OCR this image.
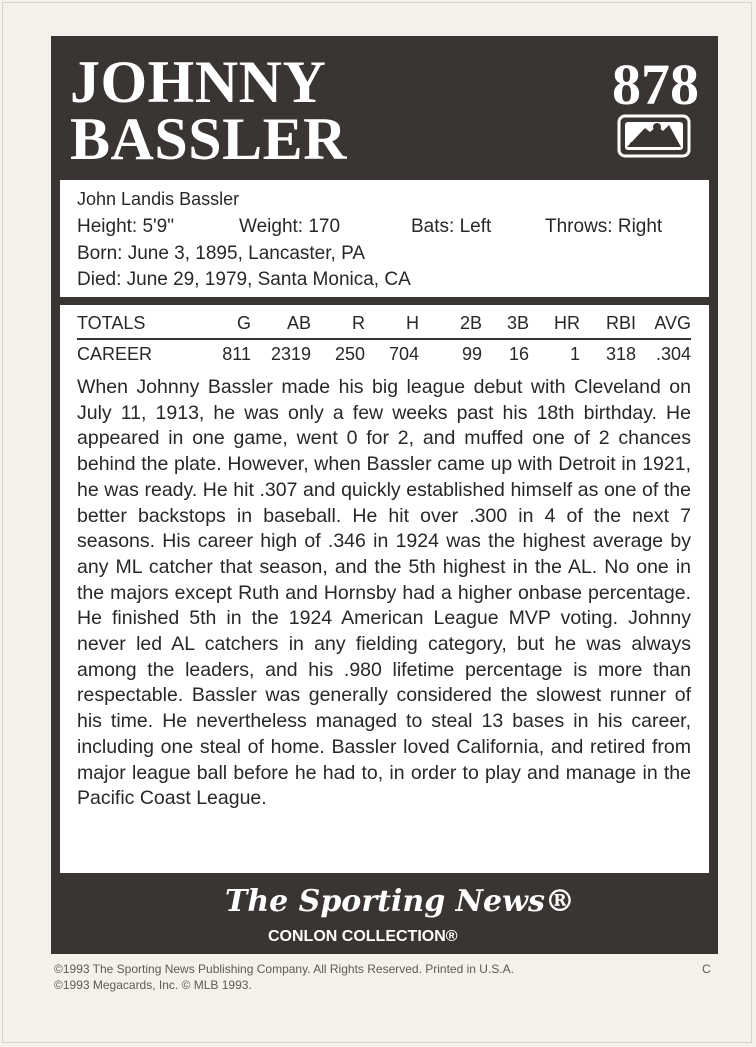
JOHNNY
BASSLER
878
John Landis Bassler
Height: 5'9"	Weight: 170	Bats: Left	Throws: Right
Born: June 3, 1895, Lancaster, PA
Died: June 29, 1979, Santa Monica, CA
TOTALS	G AB R H 2B 3B HR RBI AVG
CAREER	811 2319 250 704 99 16 1 318 .304
When Johnny Bassler made his big league debut with Cleveland on July 11, 1913, he was only a few weeks past his 18th birthday. He appeared in one game, went 0 for 2, and muffed one of 2 chances behind the plate. However, when Bassler came up with Detroit in 1921, he was ready. He hit .307 and quickly established himself as one of the better backstops in baseball. He hit over .300 in 4 of the next 7 seasons. His career high of .346 in 1924 was the highest average by any ML catcher that season, and the 5th highest in the AL. No one in the majors except Ruth and Hornsby had a higher onbase percentage. He finished 5th in the 1924 American League MVP voting. Johnny never led AL catchers in any fielding category, but he was always among the leaders, and his .980 lifetime percentage is more than respectable. Bassler was generally considered the slowest runner of his time. He nevertheless managed to steal 13 bases in his career, including one steal of home. Bassler loved California, and retired from major league ball before he had to, in order to play and manage in the Pacific Coast League.
The Sporting News®
CONLON COLLECTION®
©1993 The Sporting News Publishing Company. All Rights Reserved. Printed in U.S.A.
©1993 Megacards, Inc. © MLB 1993.
C
